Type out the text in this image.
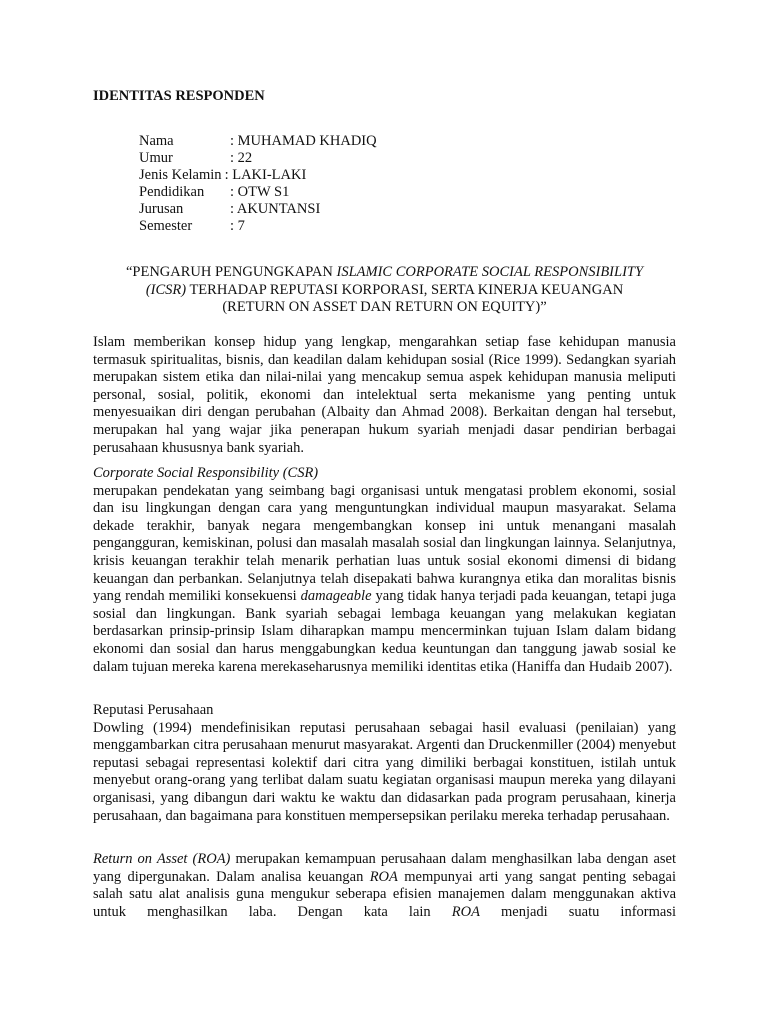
IDENTITAS RESPONDEN
Nama	: MUHAMAD KHADIQ
Umur	: 22
Jenis Kelamin : LAKI-LAKI
Pendidikan	: OTW S1
Jurusan	: AKUNTANSI
Semester	: 7
“PENGARUH PENGUNGKAPAN ISLAMIC CORPORATE SOCIAL RESPONSIBILITY
(ICSR) TERHADAP REPUTASI KORPORASI, SERTA KINERJA KEUANGAN
(RETURN ON ASSET DAN RETURN ON EQUITY)”

Islam memberikan konsep hidup yang lengkap, mengarahkan setiap fase kehidupan manusia termasuk spiritualitas, bisnis, dan keadilan dalam kehidupan sosial (Rice 1999). Sedangkan syariah merupakan sistem etika dan nilai-nilai yang mencakup semua aspek kehidupan manusia meliputi personal, sosial, politik, ekonomi dan intelektual serta mekanisme yang penting untuk menyesuaikan diri dengan perubahan (Albaity dan Ahmad 2008). Berkaitan dengan hal tersebut, merupakan hal yang wajar jika penerapan hukum syariah menjadi dasar pendirian berbagai perusahaan khususnya bank syariah.

Corporate Social Responsibility (CSR)

merupakan pendekatan yang seimbang bagi organisasi untuk mengatasi problem ekonomi, sosial dan isu lingkungan dengan cara yang menguntungkan individual maupun masyarakat. Selama dekade terakhir, banyak negara mengembangkan konsep ini untuk menangani masalah pengangguran, kemiskinan, polusi dan masalah masalah sosial dan lingkungan lainnya. Selanjutnya, krisis keuangan terakhir telah menarik perhatian luas untuk sosial ekonomi dimensi di bidang keuangan dan perbankan. Selanjutnya telah disepakati bahwa kurangnya etika dan moralitas bisnis yang rendah memiliki konsekuensi damageable yang tidak hanya terjadi pada keuangan, tetapi juga sosial dan lingkungan. Bank syariah sebagai lembaga keuangan yang melakukan kegiatan berdasarkan prinsip-prinsip Islam diharapkan mampu mencerminkan tujuan Islam dalam bidang ekonomi dan sosial dan harus menggabungkan kedua keuntungan dan tanggung jawab sosial ke dalam tujuan mereka karena merekaseharusnya memiliki identitas etika (Haniffa dan Hudaib 2007).

Reputasi Perusahaan

Dowling (1994) mendefinisikan reputasi perusahaan sebagai hasil evaluasi (penilaian) yang menggambarkan citra perusahaan menurut masyarakat. Argenti dan Druckenmiller (2004) menyebut reputasi sebagai representasi kolektif dari citra yang dimiliki berbagai konstituen, istilah untuk menyebut orang-orang yang terlibat dalam suatu kegiatan organisasi maupun mereka yang dilayani organisasi, yang dibangun dari waktu ke waktu dan didasarkan pada program perusahaan, kinerja perusahaan, dan bagaimana para konstituen mempersepsikan perilaku mereka terhadap perusahaan.

Return on Asset (ROA) merupakan kemampuan perusahaan dalam menghasilkan laba dengan aset yang dipergunakan. Dalam analisa keuangan ROA mempunyai arti yang sangat penting sebagai salah satu alat analisis guna mengukur seberapa efisien manajemen dalam menggunakan aktiva untuk menghasilkan laba. Dengan kata lain ROA menjadi suatu informasi
